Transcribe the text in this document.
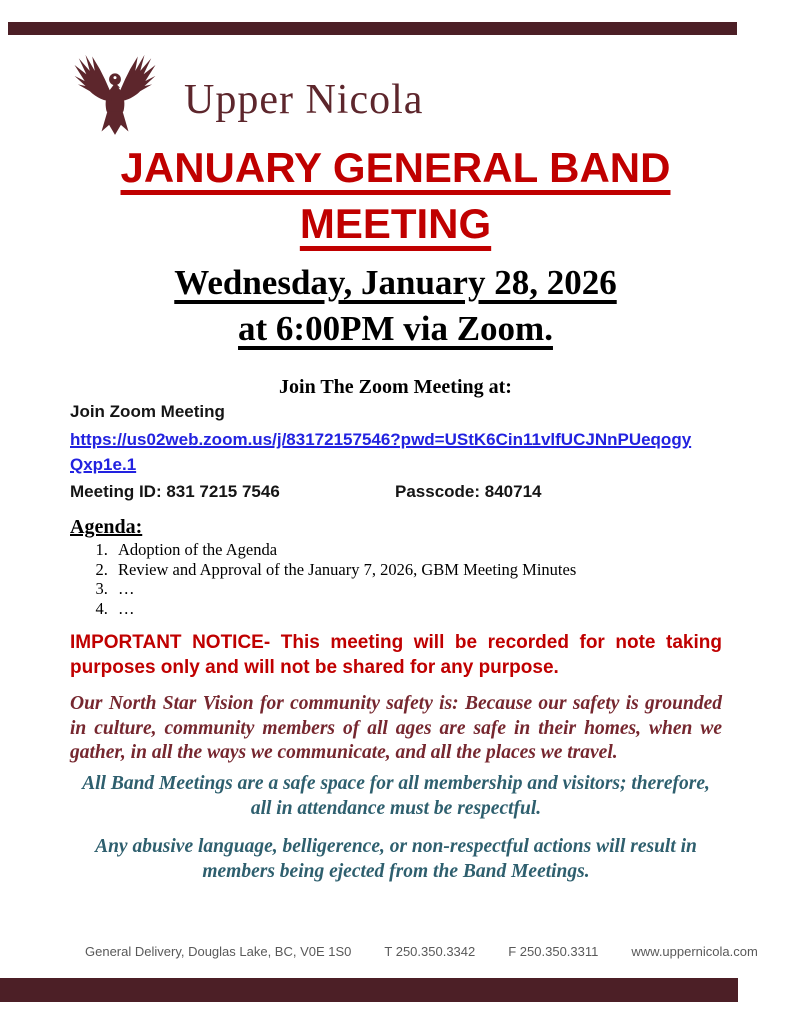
Upper Nicola
JANUARY GENERAL BAND
MEETING
Wednesday, January 28, 2026
at 6:00PM via Zoom.
Join The Zoom Meeting at:
Join Zoom Meeting
https://us02web.zoom.us/j/83172157546?pwd=UStK6Cin11vlfUCJNnPUeqogy
Qxp1e.1
Meeting ID: 831 7215 7546	Passcode: 840714
Agenda:
1. Adoption of the Agenda
2. Review and Approval of the January 7, 2026, GBM Meeting Minutes
3. …
4. …
IMPORTANT NOTICE- This meeting will be recorded for note taking purposes only and will not be shared for any purpose.
Our North Star Vision for community safety is: Because our safety is grounded in culture, community members of all ages are safe in their homes, when we gather, in all the ways we communicate, and all the places we travel.
All Band Meetings are a safe space for all membership and visitors; therefore, all in attendance must be respectful.
Any abusive language, belligerence, or non-respectful actions will result in members being ejected from the Band Meetings.
General Delivery, Douglas Lake, BC, V0E 1S0	T 250.350.3342	F 250.350.3311	www.uppernicola.com
